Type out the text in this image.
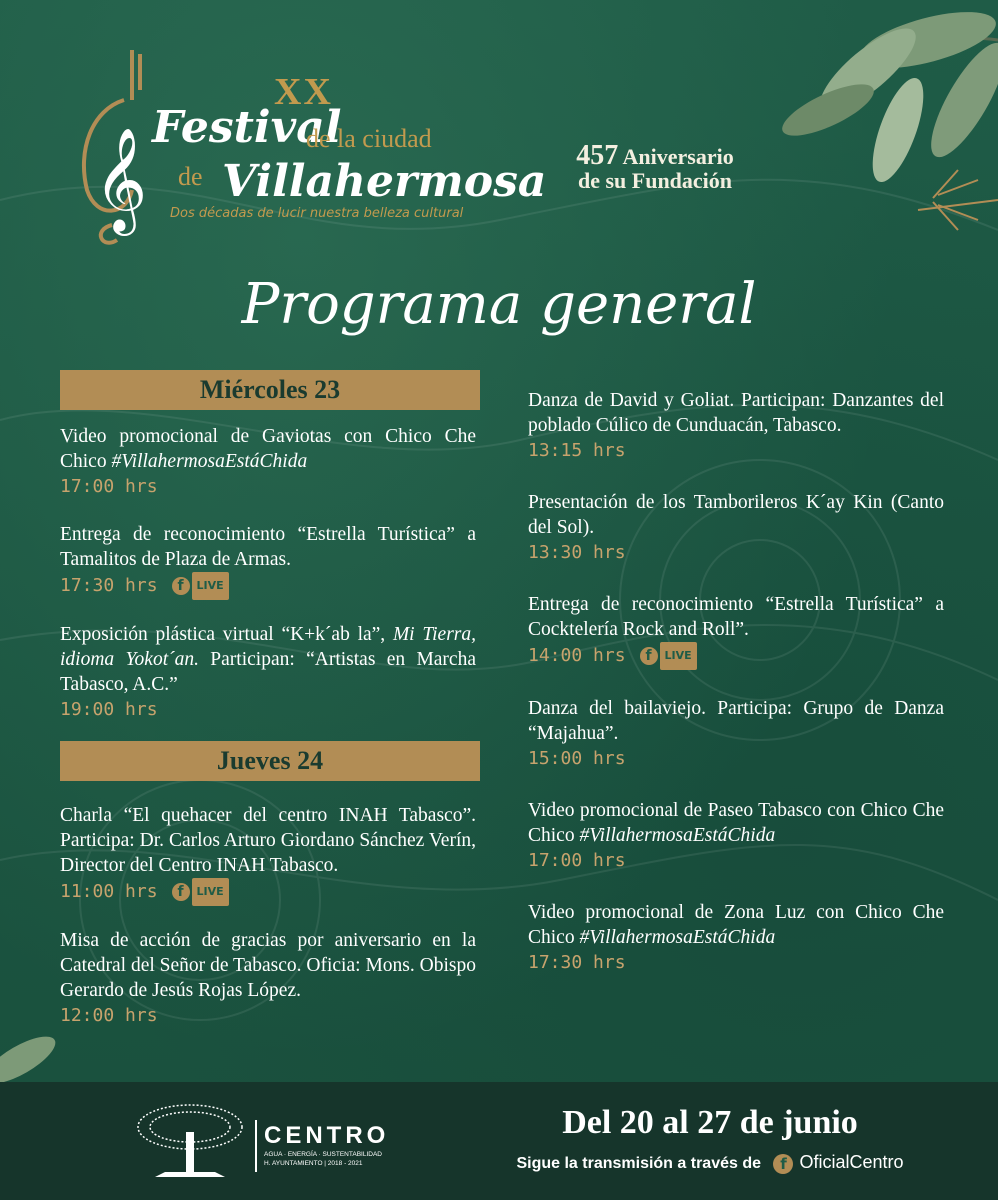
𝄞
XX
Festival
de la ciudad
de Villahermosa
Dos décadas de lucir nuestra belleza cultural
457 Aniversario
de su Fundación
Programa general
Miércoles 23
Jueves 24
Video promocional de Gaviotas con Chico Che Chico #VillahermosaEstáChida
17:00 hrs
Entrega de reconocimiento “Estrella Turística” a Tamalitos de Plaza de Armas.
17:30 hrs	f	LIVE
Exposición plástica virtual “K+k´ab la”, Mi Tierra, idioma Yokot´an. Participan: “Artistas en Marcha Tabasco, A.C.”
19:00 hrs
Charla “El quehacer del centro INAH Tabasco”. Participa: Dr. Carlos Arturo Giordano Sánchez Verín, Director del Centro INAH Tabasco.
11:00 hrs	f	LIVE
Misa de acción de gracias por aniversario en la Catedral del Señor de Tabasco. Oficia: Mons. Obispo Gerardo de Jesús Rojas López.
12:00 hrs
Danza de David y Goliat. Participan: Danzantes del poblado Cúlico de Cunduacán, Tabasco.
13:15 hrs
Presentación de los Tamborileros K´ay Kin (Canto del Sol).
13:30 hrs
Entrega de reconocimiento “Estrella Turística” a Cocktelería Rock and Roll”.
14:00 hrs	f	LIVE
Danza del bailaviejo. Participa: Grupo de Danza “Majahua”.
15:00 hrs
Video promocional de Paseo Tabasco con Chico Che Chico #VillahermosaEstáChida
17:00 hrs
Video promocional de Zona Luz con Chico Che Chico #VillahermosaEstáChida
17:30 hrs
CENTRO
AGUA · ENERGÍA · SUSTENTABILIDAD H. AYUNTAMIENTO | 2018 - 2021
Del 20 al 27 de junio
Sigue la transmisión a través de f OficialCentro
